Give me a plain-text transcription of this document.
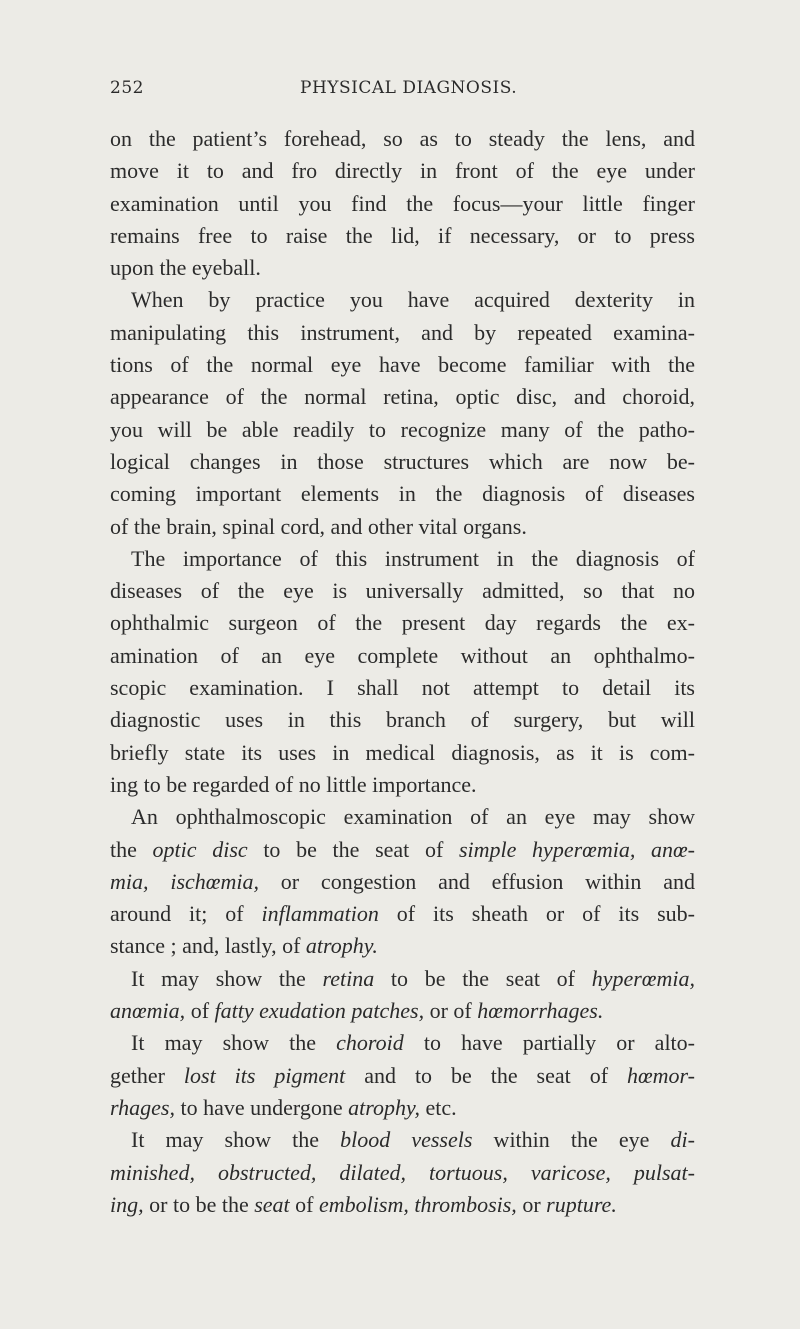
252	PHYSICAL DIAGNOSIS.
on the patient’s forehead, so as to steady the lens, and
move it to and fro directly in front of the eye under
examination until you find the focus—your little finger
remains free to raise the lid, if necessary, or to press
upon the eyeball.
When by practice you have acquired dexterity in
manipulating this instrument, and by repeated examina-
tions of the normal eye have become familiar with the
appearance of the normal retina, optic disc, and choroid,
you will be able readily to recognize many of the patho-
logical changes in those structures which are now be-
coming important elements in the diagnosis of diseases
of the brain, spinal cord, and other vital organs.
The importance of this instrument in the diagnosis of
diseases of the eye is universally admitted, so that no
ophthalmic surgeon of the present day regards the ex-
amination of an eye complete without an ophthalmo-
scopic examination. I shall not attempt to detail its
diagnostic uses in this branch of surgery, but will
briefly state its uses in medical diagnosis, as it is com-
ing to be regarded of no little importance.
An ophthalmoscopic examination of an eye may show
the optic disc to be the seat of simple hyperœmia, anœ-
mia, ischœmia, or congestion and effusion within and
around it; of inflammation of its sheath or of its sub-
stance ; and, lastly, of atrophy.
It may show the retina to be the seat of hyperœmia,
anœmia, of fatty exudation patches, or of hœmorrhages.
It may show the choroid to have partially or alto-
gether lost its pigment and to be the seat of hœmor-
rhages, to have undergone atrophy, etc.
It may show the blood vessels within the eye di-
minished, obstructed, dilated, tortuous, varicose, pulsat-
ing, or to be the seat of embolism, thrombosis, or rupture.
